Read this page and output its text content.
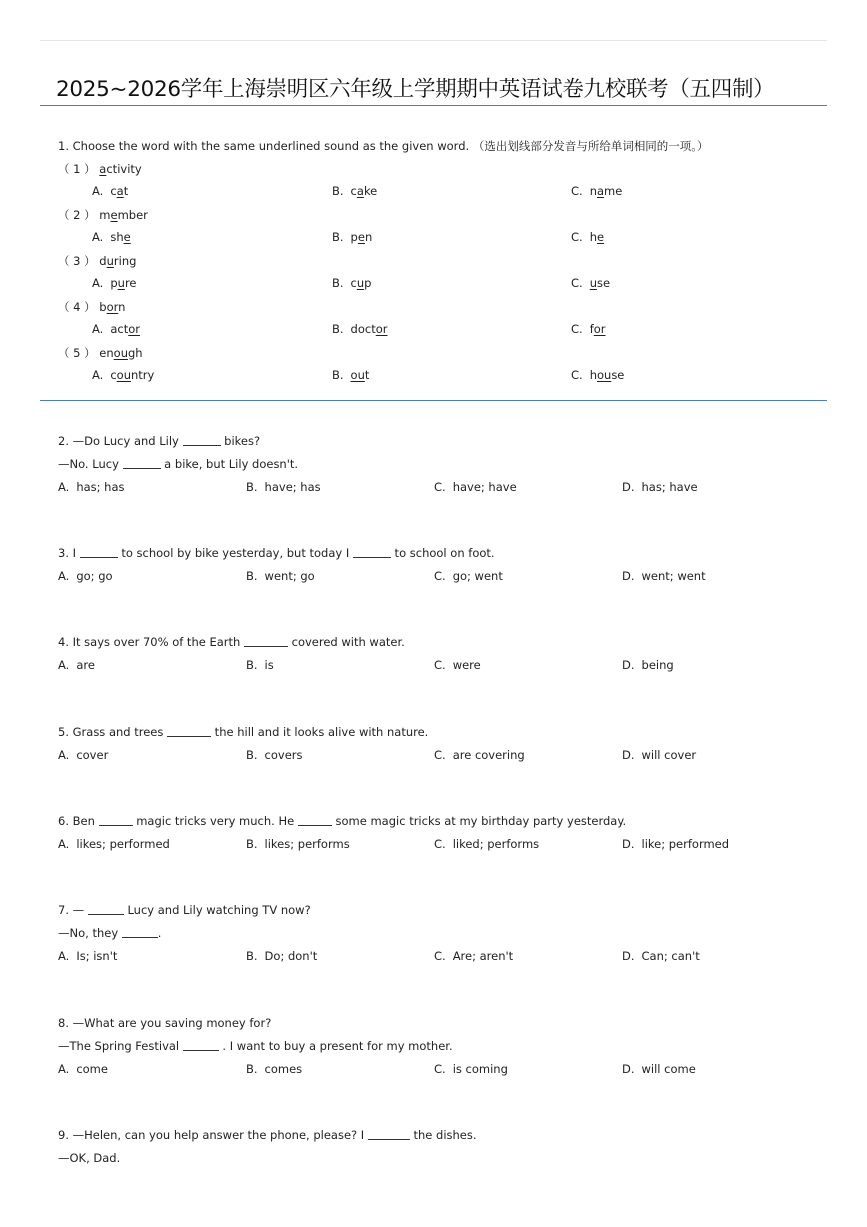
2025~2026学年上海崇明区六年级上学期期中英语试卷九校联考（五四制）
1. Choose the word with the same underlined sound as the given word. （选出划线部分发音与所给单词相同的一项。）
（ 1 ） activity
A. cat	B. cake	C. name
（ 2 ） member
A. she	B. pen	C. he
（ 3 ） during
A. pure	B. cup	C. use
（ 4 ） born
A. actor	B. doctor	C. for
（ 5 ） enough
A. country	B. out	C. house
2. —Do Lucy and Lily	bikes?
—No. Lucy	a bike, but Lily doesn't.
A. has; has	B. have; has	C. have; have	D. has; have
3. I	to school by bike yesterday, but today I	to school on foot.
A. go; go	B. went; go	C. go; went	D. went; went
4. It says over 70% of the Earth	covered with water.
A. are	B. is	C. were	D. being
5. Grass and trees	the hill and it looks alive with nature.
A. cover	B. covers	C. are covering	D. will cover
6. Ben	magic tricks very much. He	some magic tricks at my birthday party yesterday.
A. likes; performed	B. likes; performs	C. liked; performs	D. like; performed
7. —	Lucy and Lily watching TV now?
—No, they	.
A. Is; isn't	B. Do; don't	C. Are; aren't	D. Can; can't
8. —What are you saving money for?
—The Spring Festival	. I want to buy a present for my mother.
A. come	B. comes	C. is coming	D. will come
9. —Helen, can you help answer the phone, please? I	the dishes.
—OK, Dad.
